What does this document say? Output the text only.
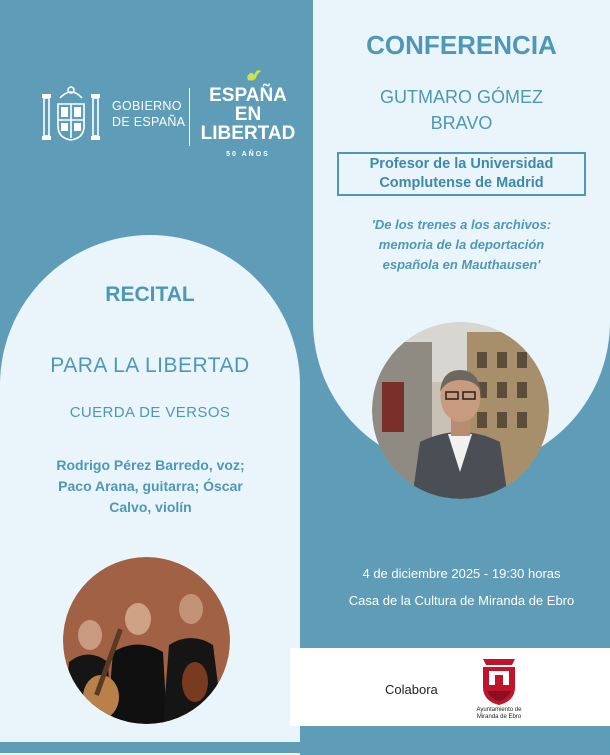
GOBIERNO
DE ESPAÑA
ESPAÑA EN
LIBERTAD
50 AÑOS
CONFERENCIA
GUTMARO GÓMEZ
BRAVO
Profesor de la Universidad
Complutense de Madrid
'De los trenes a los archivos:
memoria de la deportación
española en Mauthausen'
RECITAL
PARA LA LIBERTAD
CUERDA DE VERSOS
Rodrigo Pérez Barredo, voz;
Paco Arana, guitarra; Óscar
Calvo, violín
4 de diciembre 2025 - 19:30 horas
Casa de la Cultura de Miranda de Ebro
Colabora
Ayuntamiento de
Miranda de Ebro
